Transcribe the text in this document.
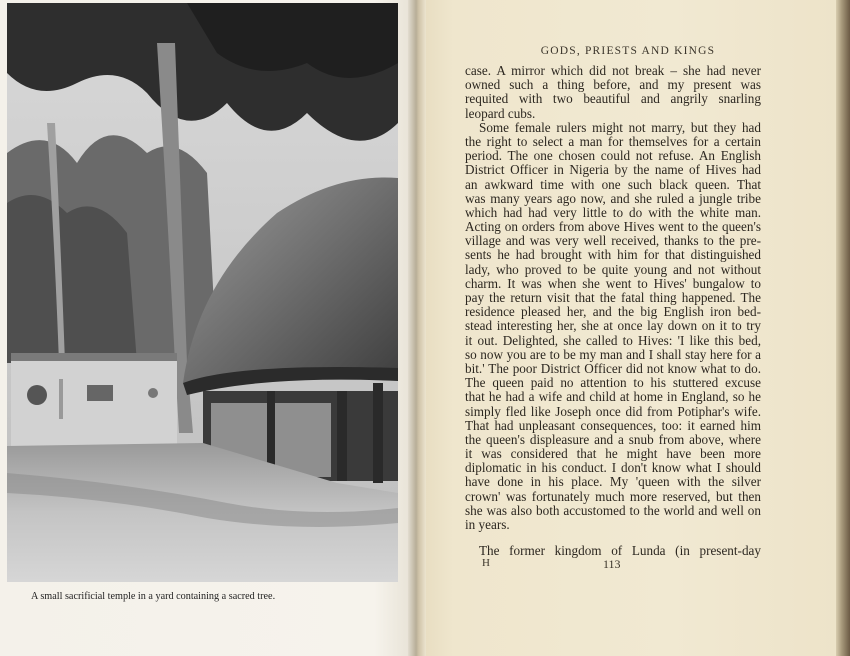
A small sacrificial temple in a yard containing a sacred tree.
GODS, PRIESTS AND KINGS
case. A mirror which did not break – she had never
owned such a thing before, and my present was
requited with two beautiful and angrily snarling
leopard cubs.
Some female rulers might not marry, but they had
the right to select a man for themselves for a certain
period. The one chosen could not refuse. An English
District Officer in Nigeria by the name of Hives had
an awkward time with one such black queen. That
was many years ago now, and she ruled a jungle tribe
which had had very little to do with the white man.
Acting on orders from above Hives went to the queen's
village and was very well received, thanks to the pre-
sents he had brought with him for that distinguished
lady, who proved to be quite young and not without
charm. It was when she went to Hives' bungalow to
pay the return visit that the fatal thing happened. The
residence pleased her, and the big English iron bed-
stead interesting her, she at once lay down on it to try
it out. Delighted, she called to Hives: 'I like this bed,
so now you are to be my man and I shall stay here for a
bit.' The poor District Officer did not know what to do.
The queen paid no attention to his stuttered excuse
that he had a wife and child at home in England, so he
simply fled like Joseph once did from Potiphar's wife.
That had unpleasant consequences, too: it earned him
the queen's displeasure and a snub from above, where
it was considered that he might have been more
diplomatic in his conduct. I don't know what I should
have done in his place. My 'queen with the silver
crown' was fortunately much more reserved, but then
she was also both accustomed to the world and well on
in years.
The former kingdom of Lunda (in present-day
H	113
